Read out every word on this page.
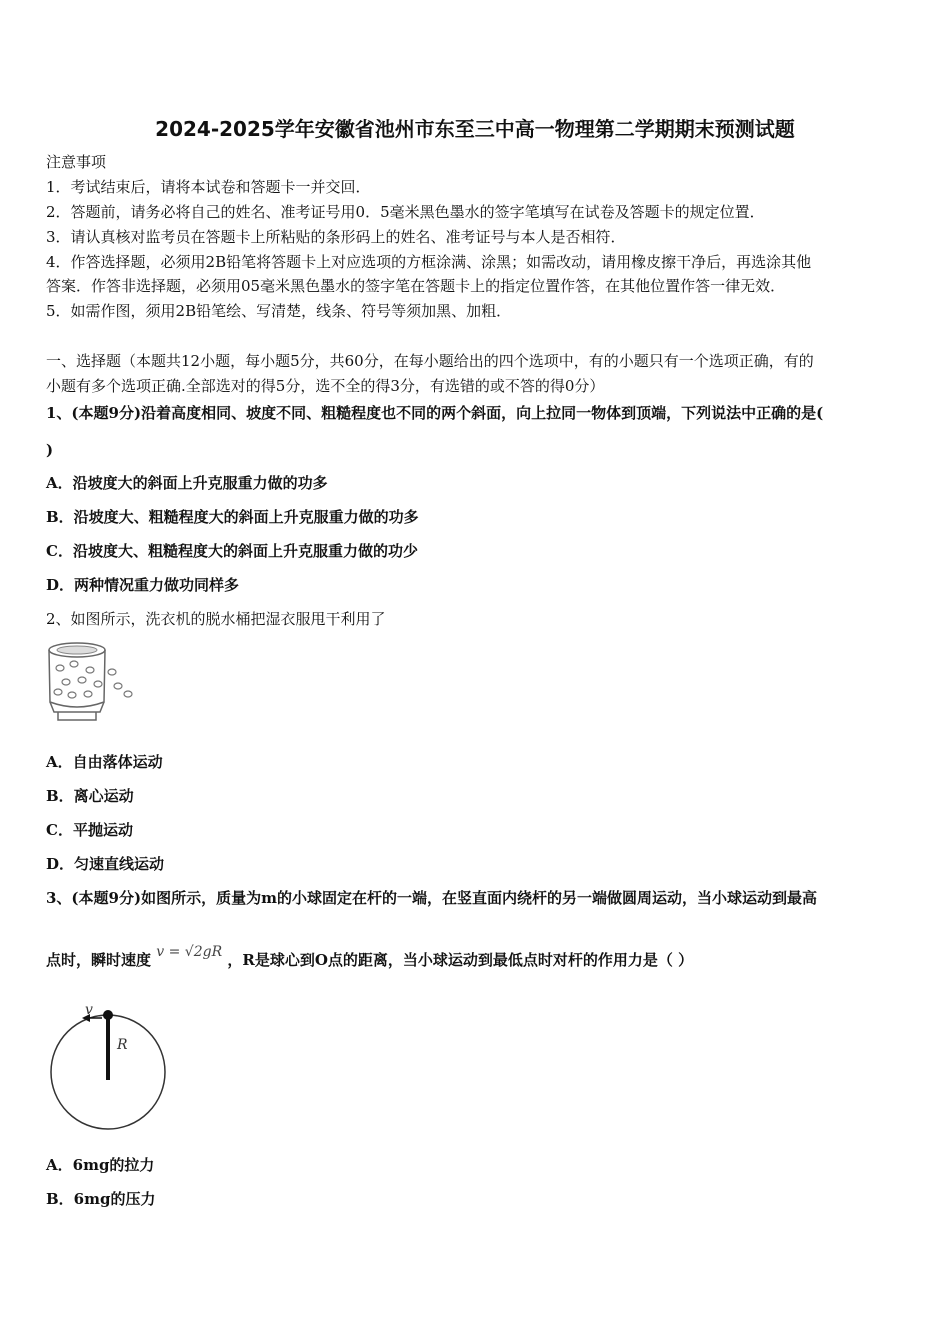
2024-2025学年安徽省池州市东至三中高一物理第二学期期末预测试题
注意事项
1．考试结束后，请将本试卷和答题卡一并交回．
2．答题前，请务必将自己的姓名、准考证号用0．5毫米黑色墨水的签字笔填写在试卷及答题卡的规定位置．
3．请认真核对监考员在答题卡上所粘贴的条形码上的姓名、准考证号与本人是否相符．
4．作答选择题，必须用2B铅笔将答题卡上对应选项的方框涂满、涂黑；如需改动，请用橡皮擦干净后，再选涂其他
答案．作答非选择题，必须用05毫米黑色墨水的签字笔在答题卡上的指定位置作答，在其他位置作答一律无效．
5．如需作图，须用2B铅笔绘、写清楚，线条、符号等须加黑、加粗．
一、选择题（本题共12小题，每小题5分，共60分，在每小题给出的四个选项中，有的小题只有一个选项正确，有的
小题有多个选项正确.全部选对的得5分，选不全的得3分，有选错的或不答的得0分）
1、(本题9分)沿着高度相同、坡度不同、粗糙程度也不同的两个斜面，向上拉同一物体到顶端，下列说法中正确的是(
)
A．沿坡度大的斜面上升克服重力做的功多
B．沿坡度大、粗糙程度大的斜面上升克服重力做的功多
C．沿坡度大、粗糙程度大的斜面上升克服重力做的功少
D．两种情况重力做功同样多
2、如图所示，洗衣机的脱水桶把湿衣服甩干利用了
A．自由落体运动
B．离心运动
C．平抛运动
D．匀速直线运动
3、(本题9分)如图所示，质量为m的小球固定在杆的一端，在竖直面内绕杆的另一端做圆周运动，当小球运动到最高
点时，瞬时速度 v = √2gR ，R是球心到O点的距离，当小球运动到最低点时对杆的作用力是（ ）
v
R
A．6mg的拉力
B．6mg的压力
